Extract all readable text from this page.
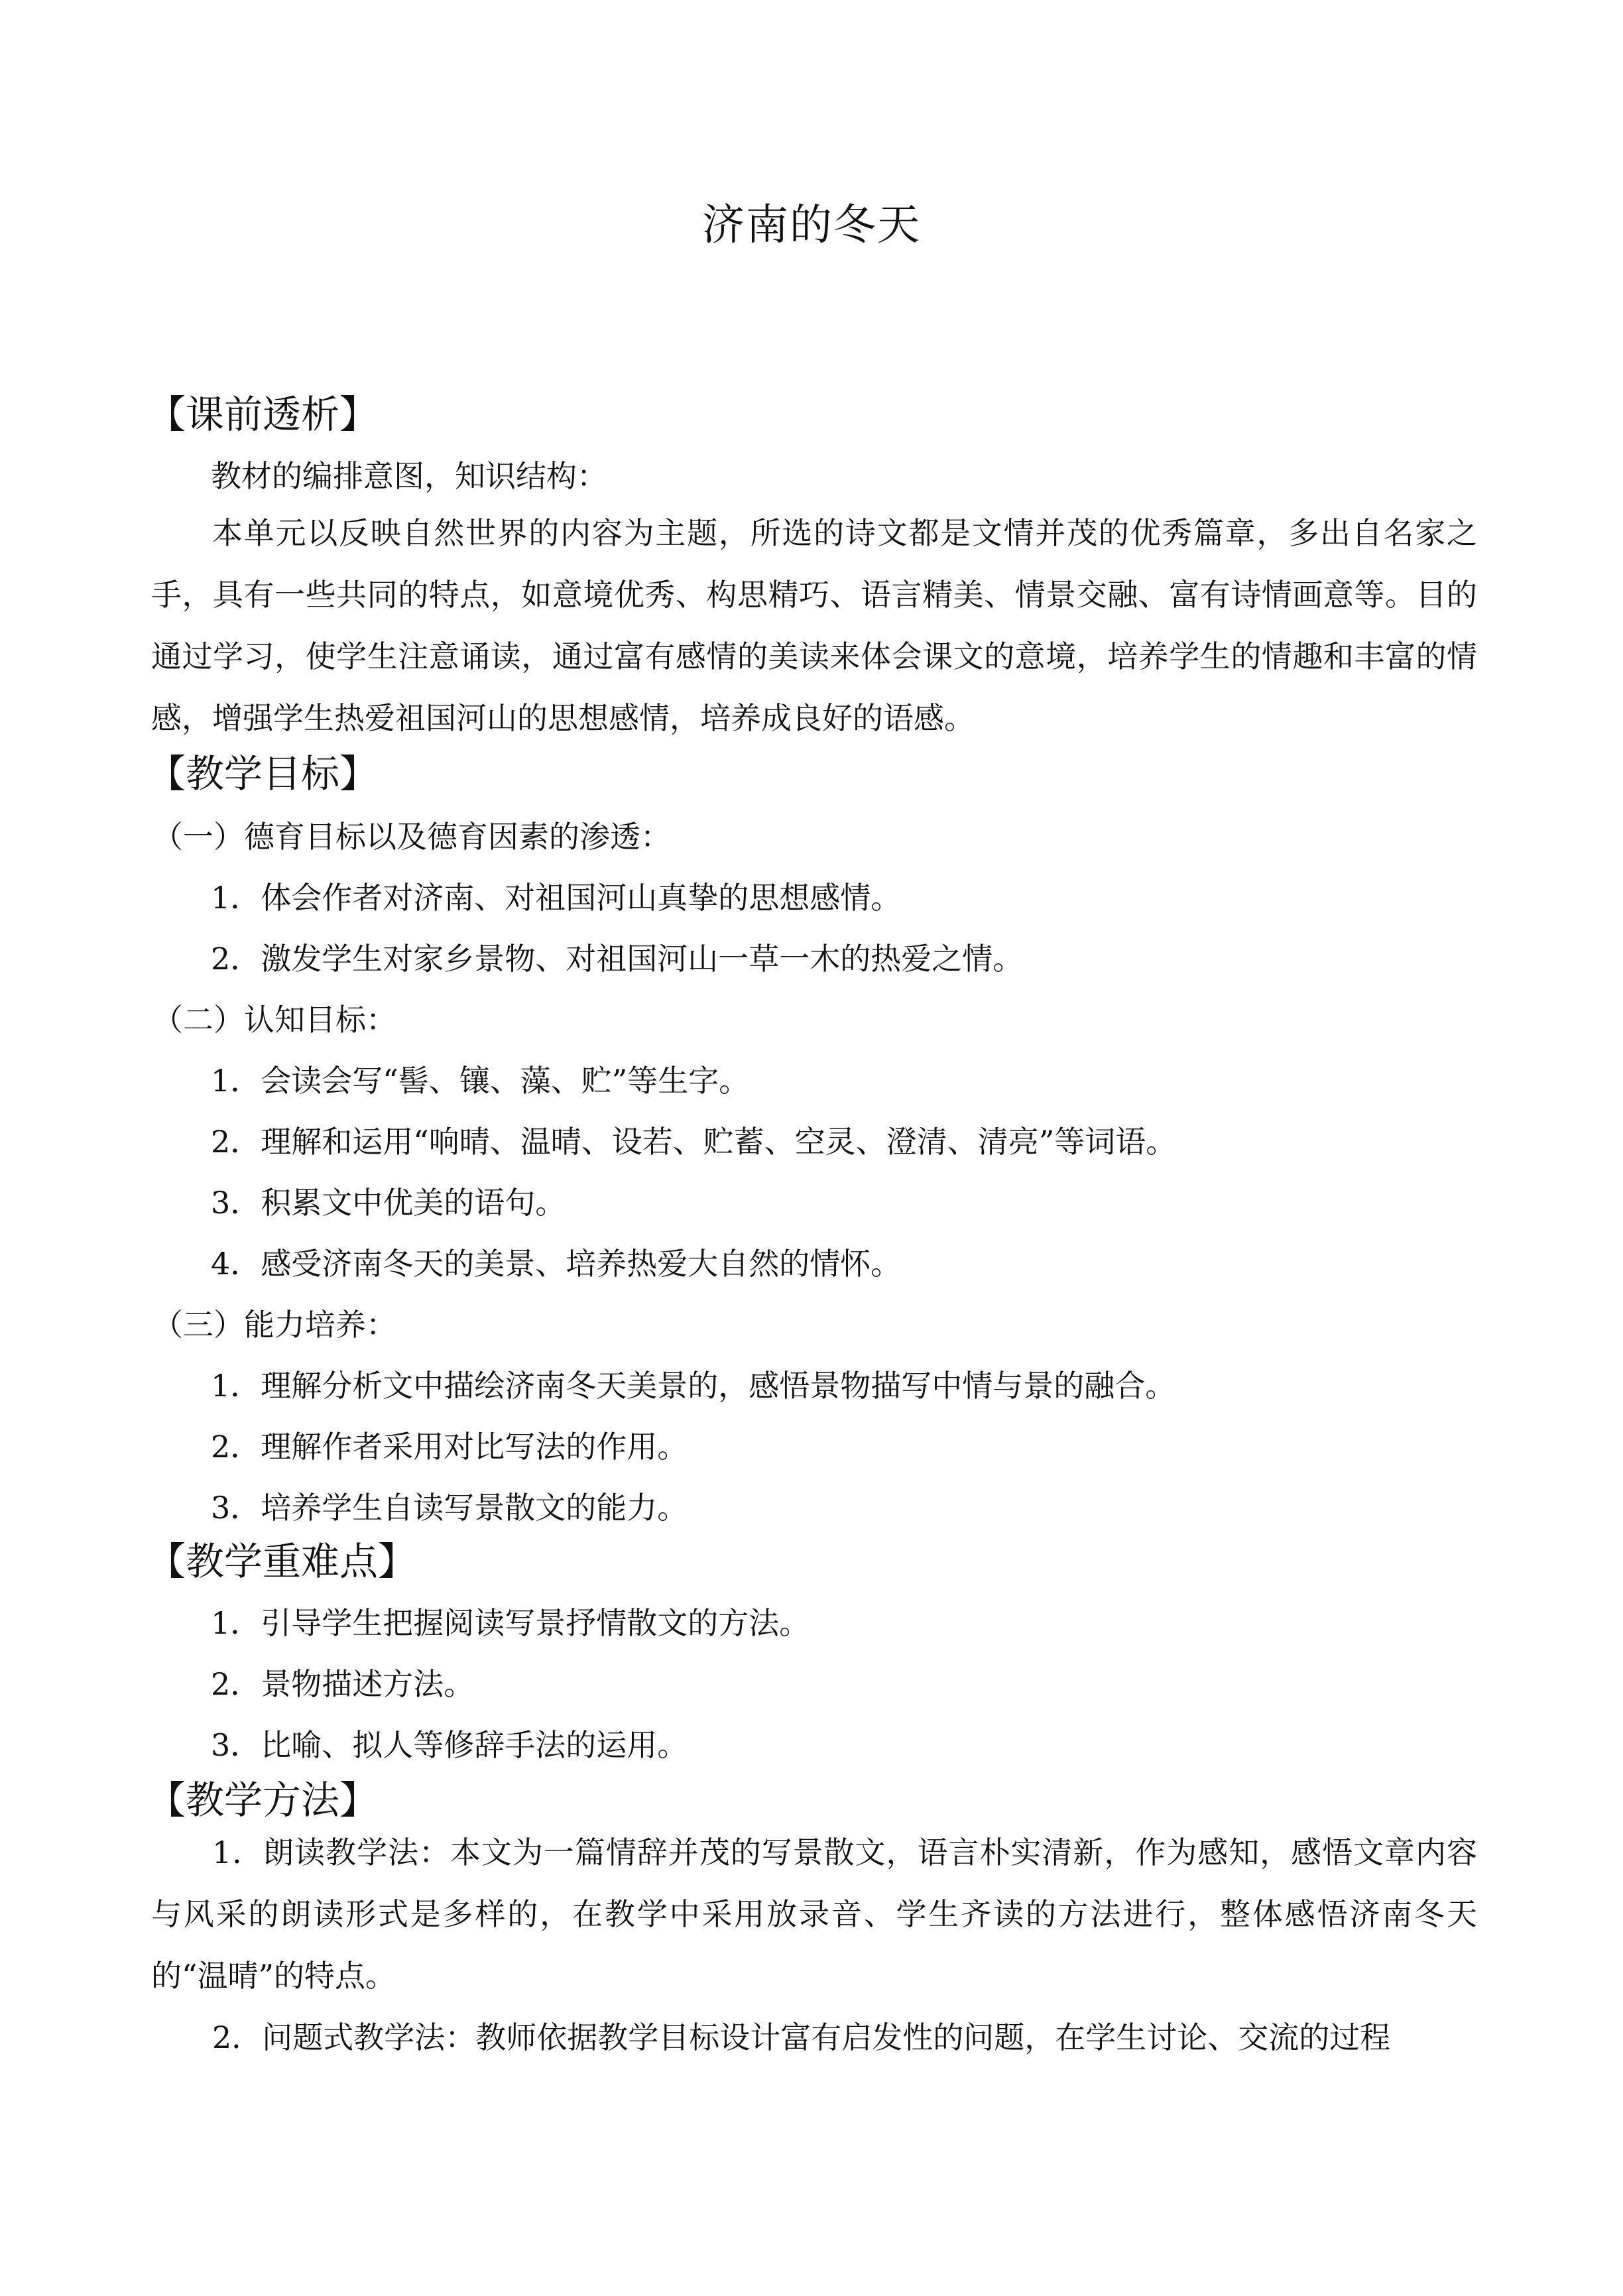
济南的冬天
【课前透析】
教材的编排意图，知识结构：
本单元以反映自然世界的内容为主题，所选的诗文都是文情并茂的优秀篇章，多出自名家之手，具有一些共同的特点，如意境优秀、构思精巧、语言精美、情景交融、富有诗情画意等。目的通过学习，使学生注意诵读，通过富有感情的美读来体会课文的意境，培养学生的情趣和丰富的情感，增强学生热爱祖国河山的思想感情，培养成良好的语感。
【教学目标】
（一）德育目标以及德育因素的渗透：
1．体会作者对济南、对祖国河山真挚的思想感情。
2．激发学生对家乡景物、对祖国河山一草一木的热爱之情。
（二）认知目标：
1．会读会写“髻、镶、藻、贮”等生字。
2．理解和运用“响晴、温晴、设若、贮蓄、空灵、澄清、清亮”等词语。
3．积累文中优美的语句。
4．感受济南冬天的美景、培养热爱大自然的情怀。
（三）能力培养：
1．理解分析文中描绘济南冬天美景的，感悟景物描写中情与景的融合。
2．理解作者采用对比写法的作用。
3．培养学生自读写景散文的能力。
【教学重难点】
1．引导学生把握阅读写景抒情散文的方法。
2．景物描述方法。
3．比喻、拟人等修辞手法的运用。
【教学方法】
1．朗读教学法：本文为一篇情辞并茂的写景散文，语言朴实清新，作为感知，感悟文章内容与风采的朗读形式是多样的，在教学中采用放录音、学生齐读的方法进行，整体感悟济南冬天的“温晴”的特点。
2．问题式教学法：教师依据教学目标设计富有启发性的问题，在学生讨论、交流的过程
